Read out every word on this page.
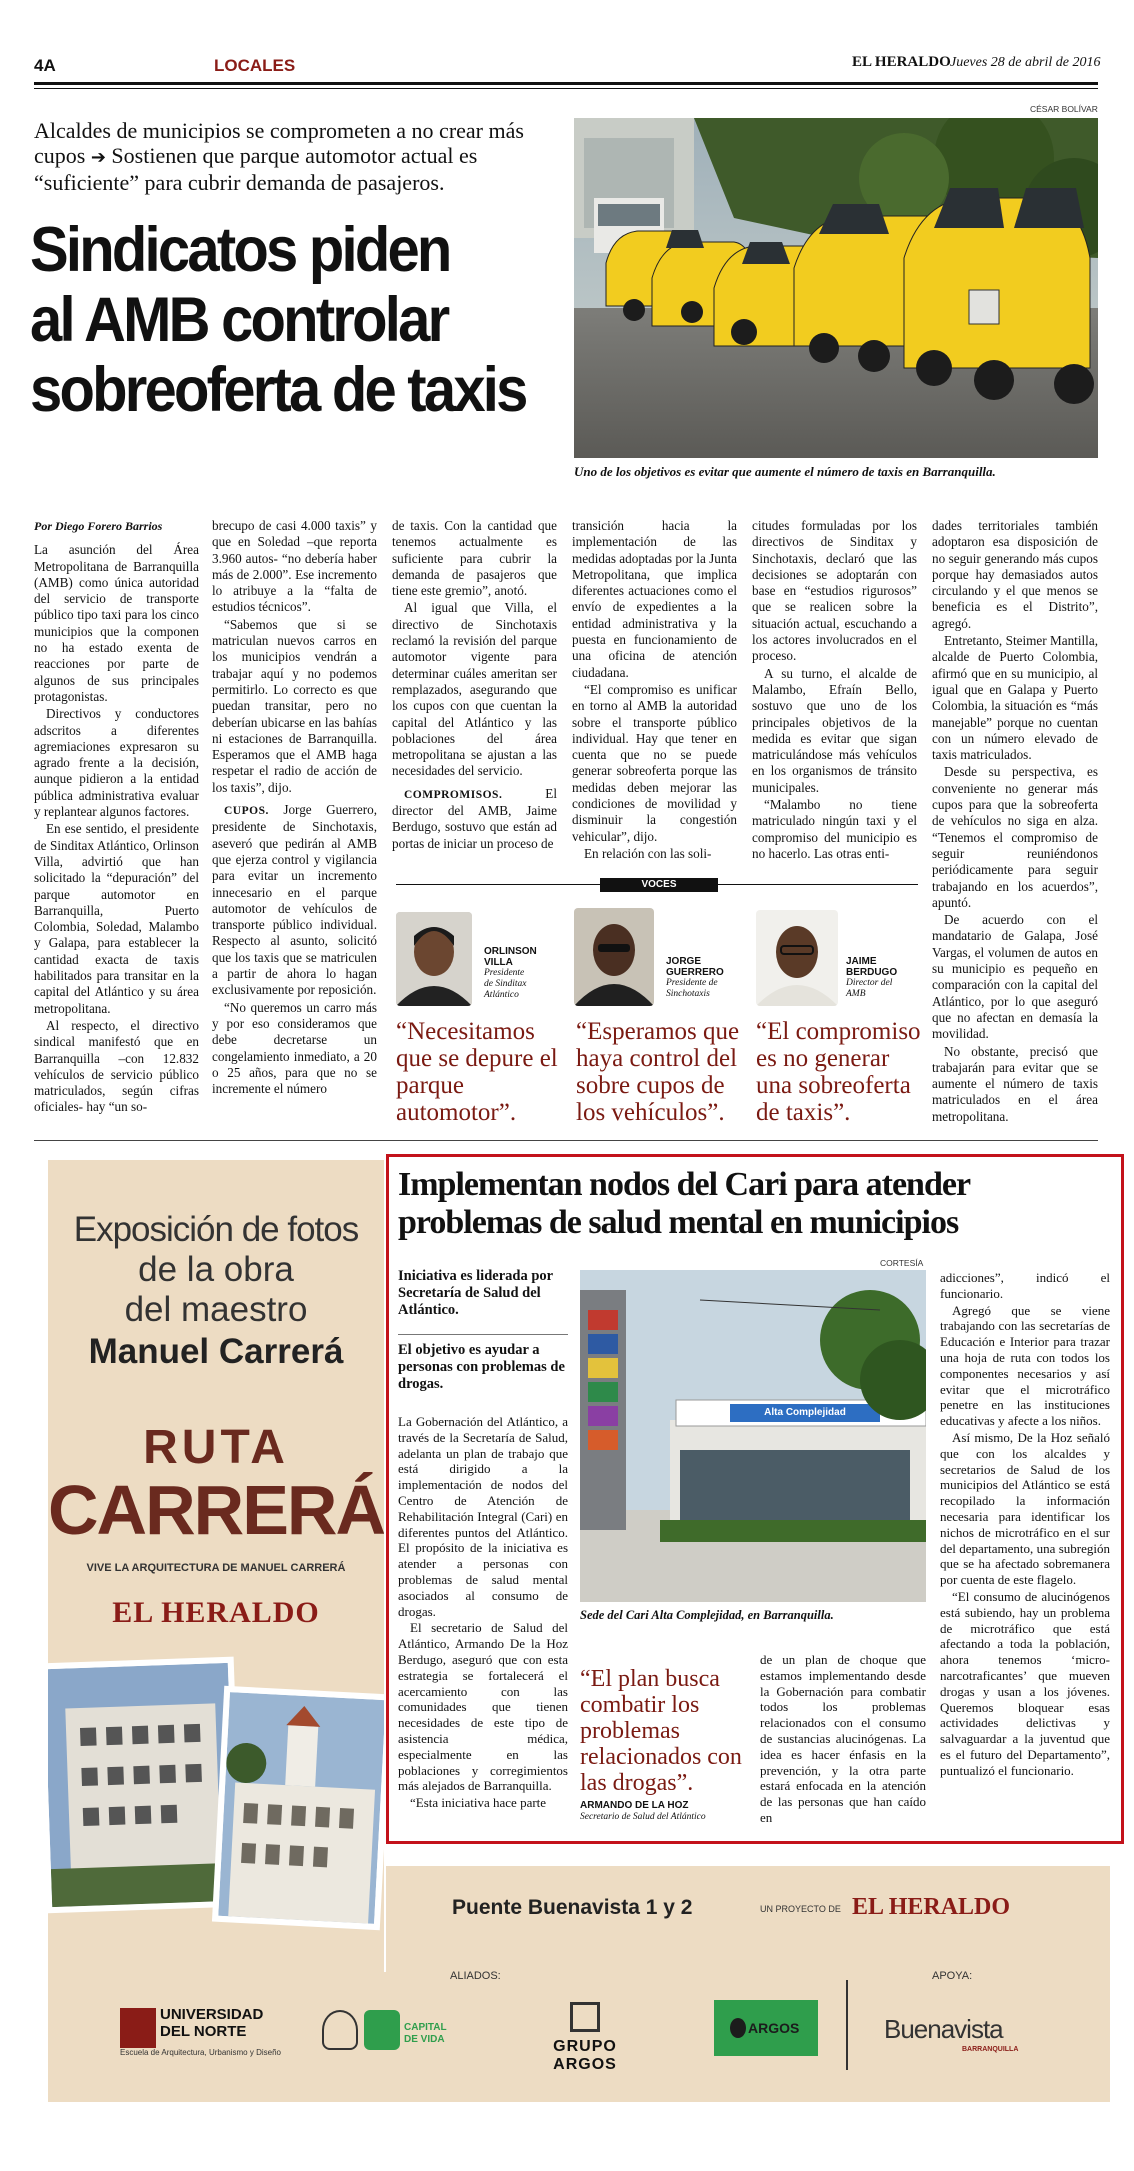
4A	LOCALES	EL HERALDO Jueves 28 de abril de 2016
CÉSAR BOLÍVAR
Alcaldes de municipios se comprometen a no crear más cupos ➔ Sostienen que parque automotor actual es “suficiente” para cubrir demanda de pasajeros.
Sindicatos piden
al AMB controlar
sobreoferta de taxis
Uno de los objetivos es evitar que aumente el número de taxis en Barranquilla.
Por Diego Forero Barrios

La asunción del Área Metropolitana de Barranquilla (AMB) como única autoridad del servicio de transporte público tipo taxi para los cinco municipios que la componen no ha estado exenta de reacciones por parte de algunos de sus principales protagonistas.

Directivos y conductores adscritos a diferentes agremiaciones expresaron su agrado frente a la decisión, aunque pidieron a la entidad pública administrativa evaluar y replantear algunos factores.

En ese sentido, el presidente de Sinditax Atlántico, Orlinson Villa, advirtió que han solicitado la “depuración” del parque automotor en Barranquilla, Puerto Colombia, Soledad, Malambo y Galapa, para establecer la cantidad exacta de taxis habilitados para transitar en la capital del Atlántico y su área metropolitana.

Al respecto, el directivo sindical manifestó que en Barranquilla –con 12.832 vehículos de servicio público matriculados, según cifras oficiales- hay “un so-

brecupo de casi 4.000 taxis” y que en Soledad –que reporta 3.960 autos- “no debería haber más de 2.000”. Ese incremento lo atribuye a la “falta de estudios técnicos”.

“Sabemos que si se matriculan nuevos carros en los municipios vendrán a trabajar aquí y no podemos permitirlo. Lo correcto es que puedan transitar, pero no deberían ubicarse en las bahías ni estaciones de Barranquilla. Esperamos que el AMB haga respetar el radio de acción de los taxis”, dijo.

CUPOS. Jorge Guerrero, presidente de Sinchotaxis, aseveró que pedirán al AMB que ejerza control y vigilancia para evitar un incremento innecesario en el parque automotor de vehículos de transporte público individual. Respecto al asunto, solicitó que los taxis que se matriculen a partir de ahora lo hagan exclusivamente por reposición.

“No queremos un carro más y por eso consideramos que debe decretarse un congelamiento inmediato, a 20 o 25 años, para que no se incremente el número

de taxis. Con la cantidad que tenemos actualmente es suficiente para cubrir la demanda de pasajeros que tiene este gremio”, anotó.

Al igual que Villa, el directivo de Sinchotaxis reclamó la revisión del parque automotor vigente para determinar cuáles ameritan ser remplazados, asegurando que los cupos con que cuentan la capital del Atlántico y las poblaciones del área metropolitana se ajustan a las necesidades del servicio.

COMPROMISOS.	El director del AMB, Jaime Berdugo, sostuvo que están ad portas de iniciar un proceso de

transición hacia la implementación de las medidas adoptadas por la Junta Metropolitana, que implica diferentes actuaciones como el envío de expedientes a la entidad administrativa y la puesta en funcionamiento de una oficina de atención ciudadana.

“El compromiso es unificar en torno al AMB la autoridad sobre el transporte público individual. Hay que tener en cuenta que no se puede generar sobreoferta porque las medidas deben mejorar las condiciones de movilidad y disminuir la congestión vehicular”, dijo.

En relación con las soli-

citudes formuladas por los directivos de Sinditax y Sinchotaxis, declaró que las decisiones se adoptarán con base en “estudios rigurosos” que se realicen sobre la situación actual, escuchando a los actores involucrados en el proceso.

A su turno, el alcalde de Malambo, Efraín Bello, sostuvo que uno de los principales objetivos de la medida es evitar que sigan matriculándose más vehículos en los organismos de tránsito municipales.

“Malambo no tiene matriculado ningún taxi y el compromiso del municipio es no hacerlo. Las otras enti-

dades territoriales también adoptaron esa disposición de no seguir generando más cupos porque hay demasiados autos circulando y el que menos se beneficia es el Distrito”, agregó.

Entretanto, Steimer Mantilla, alcalde de Puerto Colombia, afirmó que en su municipio, al igual que en Galapa y Puerto Colombia, la situación es “más manejable” porque no cuentan con un número elevado de taxis matriculados.

Desde su perspectiva, es conveniente no generar más cupos para que la sobreoferta de vehículos no siga en alza. “Tenemos el compromiso de seguir reuniéndonos periódicamente para seguir trabajando en los acuerdos”, apuntó.

De acuerdo con el mandatario de Galapa, José Vargas, el volumen de autos en su municipio es pequeño en comparación con la capital del Atlántico, por lo que aseguró que no afectan en demasía la movilidad.

No obstante, precisó que trabajarán para evitar que se aumente el número de taxis matriculados en el área metropolitana.

VOCES
ORLINSON
VILLA
Presidente
de Sinditax
Atlántico
“Necesitamos que se depure el parque automotor”.
JORGE
GUERRERO
Presidente de
Sinchotaxis
“Esperamos que haya control del sobre cupos de los vehículos”.
JAIME
BERDUGO
Director del
AMB
“El compromiso es no generar una sobreoferta de taxis”.
Exposición de fotos
de la obra
del maestro
Manuel Carrerá
RUTA
CARRERÁ
VIVE LA ARQUITECTURA DE MANUEL CARRERÁ
EL HERALDO
Implementan nodos del Cari para atender
problemas de salud mental en municipios
CORTESÍA
Iniciativa es liderada por Secretaría de Salud del Atlántico.
El objetivo es ayudar a personas con problemas de drogas.

La Gobernación del Atlántico, a través de la Secretaría de Salud, adelanta un plan de trabajo que está dirigido a la implementación de nodos del Centro de Atención de Rehabilitación Integral (Cari) en diferentes puntos del Atlántico. El propósito de la iniciativa es atender a personas con problemas de salud mental asociados al consumo de drogas.

El secretario de Salud del Atlántico, Armando De la Hoz Berdugo, aseguró que con esta estrategia se fortalecerá el acercamiento con las comunidades que tienen necesidades de este tipo de asistencia médica, especialmente en las poblaciones y corregimientos más alejados de Barranquilla.

“Esta iniciativa hace parte

Alta Complejidad
Sede del Cari Alta Complejidad, en Barranquilla.
“El plan busca combatir los problemas relacionados con las drogas”.
ARMANDO DE LA HOZ
Secretario de Salud del Atlántico

de un plan de choque que estamos implementando desde la Gobernación para combatir todos los problemas relacionados con el consumo de sustancias alucinógenas. La idea es hacer énfasis en la prevención, y la otra parte estará enfocada en la atención de las personas que han caído en

adicciones”, indicó el funcionario.

Agregó que se viene trabajando con las secretarías de Educación e Interior para trazar una hoja de ruta con todos los componentes necesarios y así evitar que el microtráfico penetre en las instituciones educativas y afecte a los niños.

Así mismo, De la Hoz señaló que con los alcaldes y secretarios de Salud de los municipios del Atlántico se está recopilado la información necesaria para identificar los nichos de microtráfico en el sur del departamento, una subregión que se ha afectado sobremanera por cuenta de este flagelo.

“El consumo de alucinógenos está subiendo, hay un problema de microtráfico que está afectando a toda la población, ahora tenemos ‘micro-narcotraficantes’ que mueven drogas y usan a los jóvenes. Queremos bloquear esas actividades delictivas y salvaguardar a la juventud que es el futuro del Departamento”, puntualizó el funcionario.

Puente Buenavista 1 y 2	UN PROYECTO DE EL HERALDO
ALIADOS:	APOYA:
UNIVERSIDAD
DEL NORTE
Escuela de Arquitectura, Urbanismo y Diseño
CAPITAL
DE VIDA	GRUPO ARGOS
ARGOS	Buenavista
BARRANQUILLA
